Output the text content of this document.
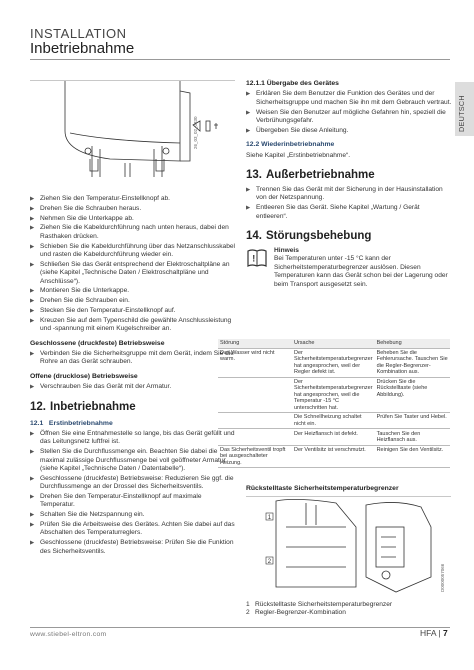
INSTALLATION
Inbetriebnahme
DEUTSCH
26_03_02_0330
▶ Ziehen Sie den Temperatur-Einstellknopf ab.
▶ Drehen Sie die Schrauben heraus.
▶ Nehmen Sie die Unterkappe ab.
▶ Ziehen Sie die Kabeldurchführung nach unten heraus, dabei den Rasthaken drücken.
▶ Schieben Sie die Kabeldurchführung über das Netzanschlusskabel und rasten die Kabeldurchführung wieder ein.
▶ Schließen Sie das Gerät entsprechend der Elektroschaltpläne an (siehe Kapitel „Technische Daten / Elektroschaltpläne und Anschlüsse“).
▶ Montieren Sie die Unterkappe.
▶ Drehen Sie die Schrauben ein.
▶ Stecken Sie den Temperatur-Einstellknopf auf.
▶ Kreuzen Sie auf dem Typenschild die gewählte Anschlussleistung und -spannung mit einem Kugelschreiber an.
Geschlossene (druckfeste) Betriebsweise
▶ Verbinden Sie die Sicherheitsgruppe mit dem Gerät, indem Sie die Rohre an das Gerät schrauben.
Offene (drucklose) Betriebsweise
▶ Verschrauben Sie das Gerät mit der Armatur.
12. Inbetriebnahme
12.1 Erstinbetriebnahme
▶ Öffnen Sie eine Entnahmestelle so lange, bis das Gerät gefüllt und das Leitungsnetz luftfrei ist.
▶ Stellen Sie die Durchflussmenge ein. Beachten Sie dabei die maximal zulässige Durchflussmenge bei voll geöffneter Armatur (siehe Kapitel „Technische Daten / Datentabelle“).
▶ Geschlossene (druckfeste) Betriebsweise: Reduzieren Sie ggf. die Durchflussmenge an der Drossel des Sicherheitsventils.
▶ Drehen Sie den Temperatur-Einstellknopf auf maximale Temperatur.
▶ Schalten Sie die Netzspannung ein.
▶ Prüfen Sie die Arbeitsweise des Gerätes. Achten Sie dabei auf das Abschalten des Temperaturreglers.
▶ Geschlossene (druckfeste) Betriebsweise: Prüfen Sie die Funktion des Sicherheitsventils.
12.1.1 Übergabe des Gerätes
▶ Erklären Sie dem Benutzer die Funktion des Gerätes und der Sicherheitsgruppe und machen Sie ihn mit dem Gebrauch vertraut.
▶ Weisen Sie den Benutzer auf mögliche Gefahren hin, speziell die Verbrühungsgefahr.
▶ Übergeben Sie diese Anleitung.
12.2 Wiederinbetriebnahme
Siehe Kapitel „Erstinbetriebnahme“.
13. Außerbetriebnahme
▶ Trennen Sie das Gerät mit der Sicherung in der Hausinstallation von der Netzspannung.
▶ Entleeren Sie das Gerät. Siehe Kapitel „Wartung / Gerät entleeren“.
14. Störungsbehebung
!
Hinweis
Bei Temperaturen unter -15 °C kann der Sicherheitstemperaturbegrenzer auslösen. Diesen Temperaturen kann das Gerät schon bei der Lagerung oder beim Transport ausgesetzt sein.
Störung	Ursache	Behebung
Das Wasser wird nicht warm.	Der Sicherheitstemperaturbegrenzer hat angesprochen, weil der Regler defekt ist.	Beheben Sie die Fehlerursache. Tauschen Sie die Regler-Begrenzer-Kombination aus.
	Der Sicherheitstemperaturbegrenzer hat angesprochen, weil die Temperatur -15 °C unterschritten hat.	Drücken Sie die Rückstelltaste (siehe Abbildung).
	Die Schnellheizung schaltet nicht ein.	Prüfen Sie Taster und Hebel.
	Der Heizflansch ist defekt.	Tauschen Sie den Heizflansch aus.
Das Sicherheitsventil tropft bei ausgeschalteter Heizung.	Der Ventilsitz ist verschmutzt.	Reinigen Sie den Ventilsitz.
Rückstelltaste Sicherheitstemperaturbegrenzer
1
2
D0000057066
1 Rückstelltaste Sicherheitstemperaturbegrenzer
2 Regler-Begrenzer-Kombination
www.stiebel-eltron.com	HFA | 7
